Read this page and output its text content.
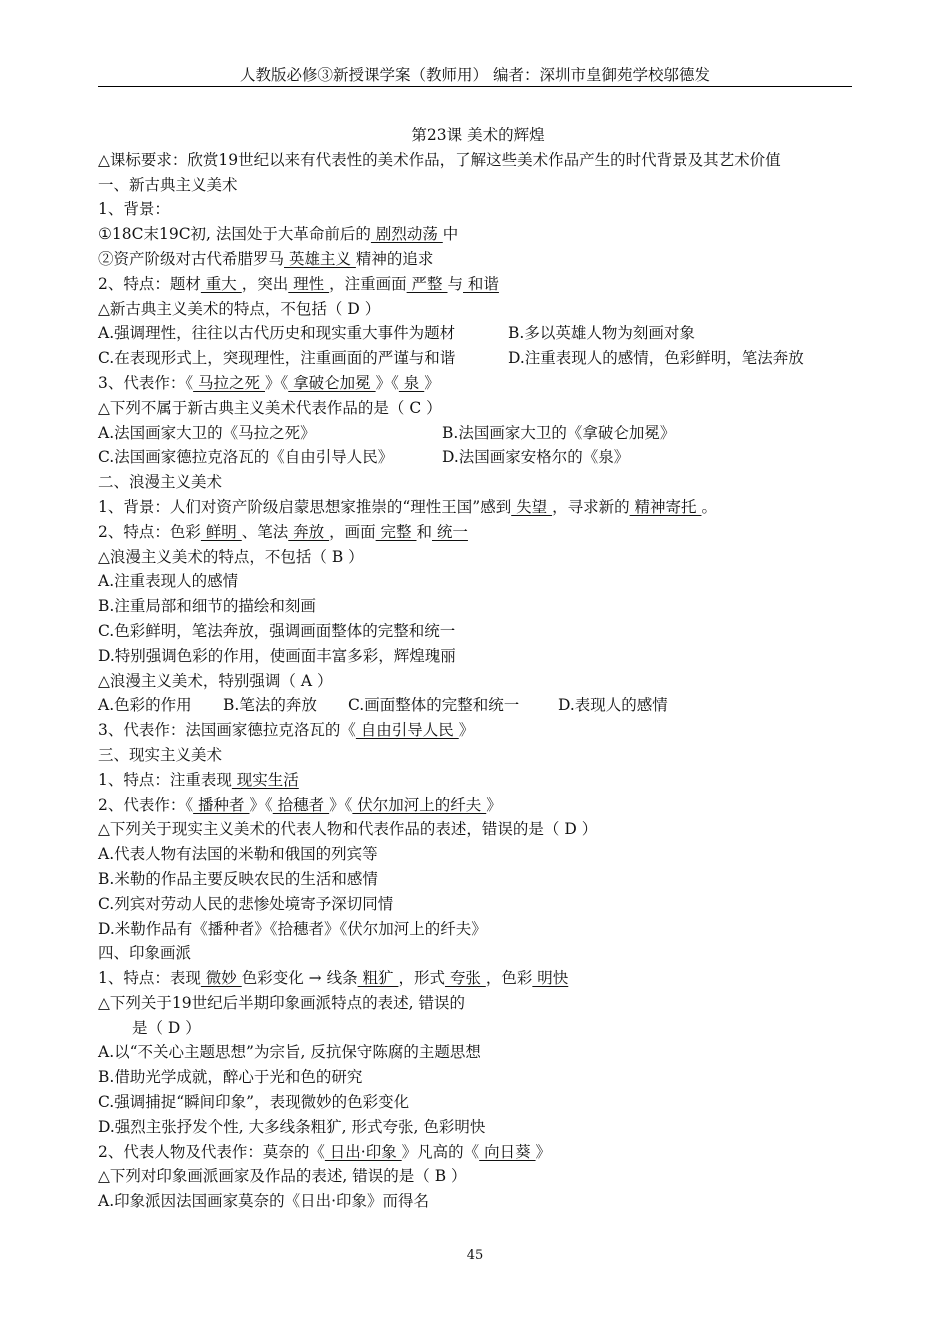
人教版必修③新授课学案（教师用） 编者：深圳市皇御苑学校邬德发
第23课 美术的辉煌
△课标要求：欣赏19世纪以来有代表性的美术作品，了解这些美术作品产生的时代背景及其艺术价值
一、新古典主义美术
1、背景：
①18C末19C初, 法国处于大革命前后的 剧烈动荡 中
②资产阶级对古代希腊罗马 英雄主义 精神的追求
2、特点：题材 重大 ，突出 理性 ，注重画面 严整 与 和谐
△新古典主义美术的特点，不包括（ D ）
A.强调理性，往往以古代历史和现实重大事件为题材	B.多以英雄人物为刻画对象
C.在表现形式上，突现理性，注重画面的严谨与和谐	D.注重表现人的感情，色彩鲜明，笔法奔放
3、代表作：《 马拉之死 》《 拿破仑加冕 》《 泉 》
△下列不属于新古典主义美术代表作品的是（ C ）
A.法国画家大卫的《马拉之死》	B.法国画家大卫的《拿破仑加冕》
C.法国画家德拉克洛瓦的《自由引导人民》	D.法国画家安格尔的《泉》
二、浪漫主义美术
1、背景：人们对资产阶级启蒙思想家推崇的“理性王国”感到 失望 ，寻求新的 精神寄托 。
2、特点：色彩 鲜明 、笔法 奔放 ，画面 完整 和 统一
△浪漫主义美术的特点，不包括（ B ）
A.注重表现人的感情
B.注重局部和细节的描绘和刻画
C.色彩鲜明，笔法奔放，强调画面整体的完整和统一
D.特别强调色彩的作用，使画面丰富多彩，辉煌瑰丽
△浪漫主义美术，特别强调（ A ）
A.色彩的作用 B.笔法的奔放 C.画面整体的完整和统一	D.表现人的感情
3、代表作：法国画家德拉克洛瓦的《 自由引导人民 》
三、现实主义美术
1、特点：注重表现 现实生活
2、代表作：《 播种者 》《 拾穗者 》《 伏尔加河上的纤夫 》
△下列关于现实主义美术的代表人物和代表作品的表述，错误的是（ D ）
A.代表人物有法国的米勒和俄国的列宾等
B.米勒的作品主要反映农民的生活和感情
C.列宾对劳动人民的悲惨处境寄予深切同情
D.米勒作品有《播种者》《拾穗者》《伏尔加河上的纤夫》
四、印象画派
1、特点：表现 微妙 色彩变化 → 线条 粗犷 ，形式 夸张 ，色彩 明快
△下列关于19世纪后半期印象画派特点的表述, 错误的
是（ D ）
A.以“不关心主题思想”为宗旨, 反抗保守陈腐的主题思想
B.借助光学成就，醉心于光和色的研究
C.强调捕捉“瞬间印象”，表现微妙的色彩变化
D.强烈主张抒发个性, 大多线条粗犷, 形式夸张, 色彩明快
2、代表人物及代表作：莫奈的《 日出·印象 》凡高的《 向日葵 》
△下列对印象画派画家及作品的表述, 错误的是（ B ）
A.印象派因法国画家莫奈的《日出·印象》而得名
45
